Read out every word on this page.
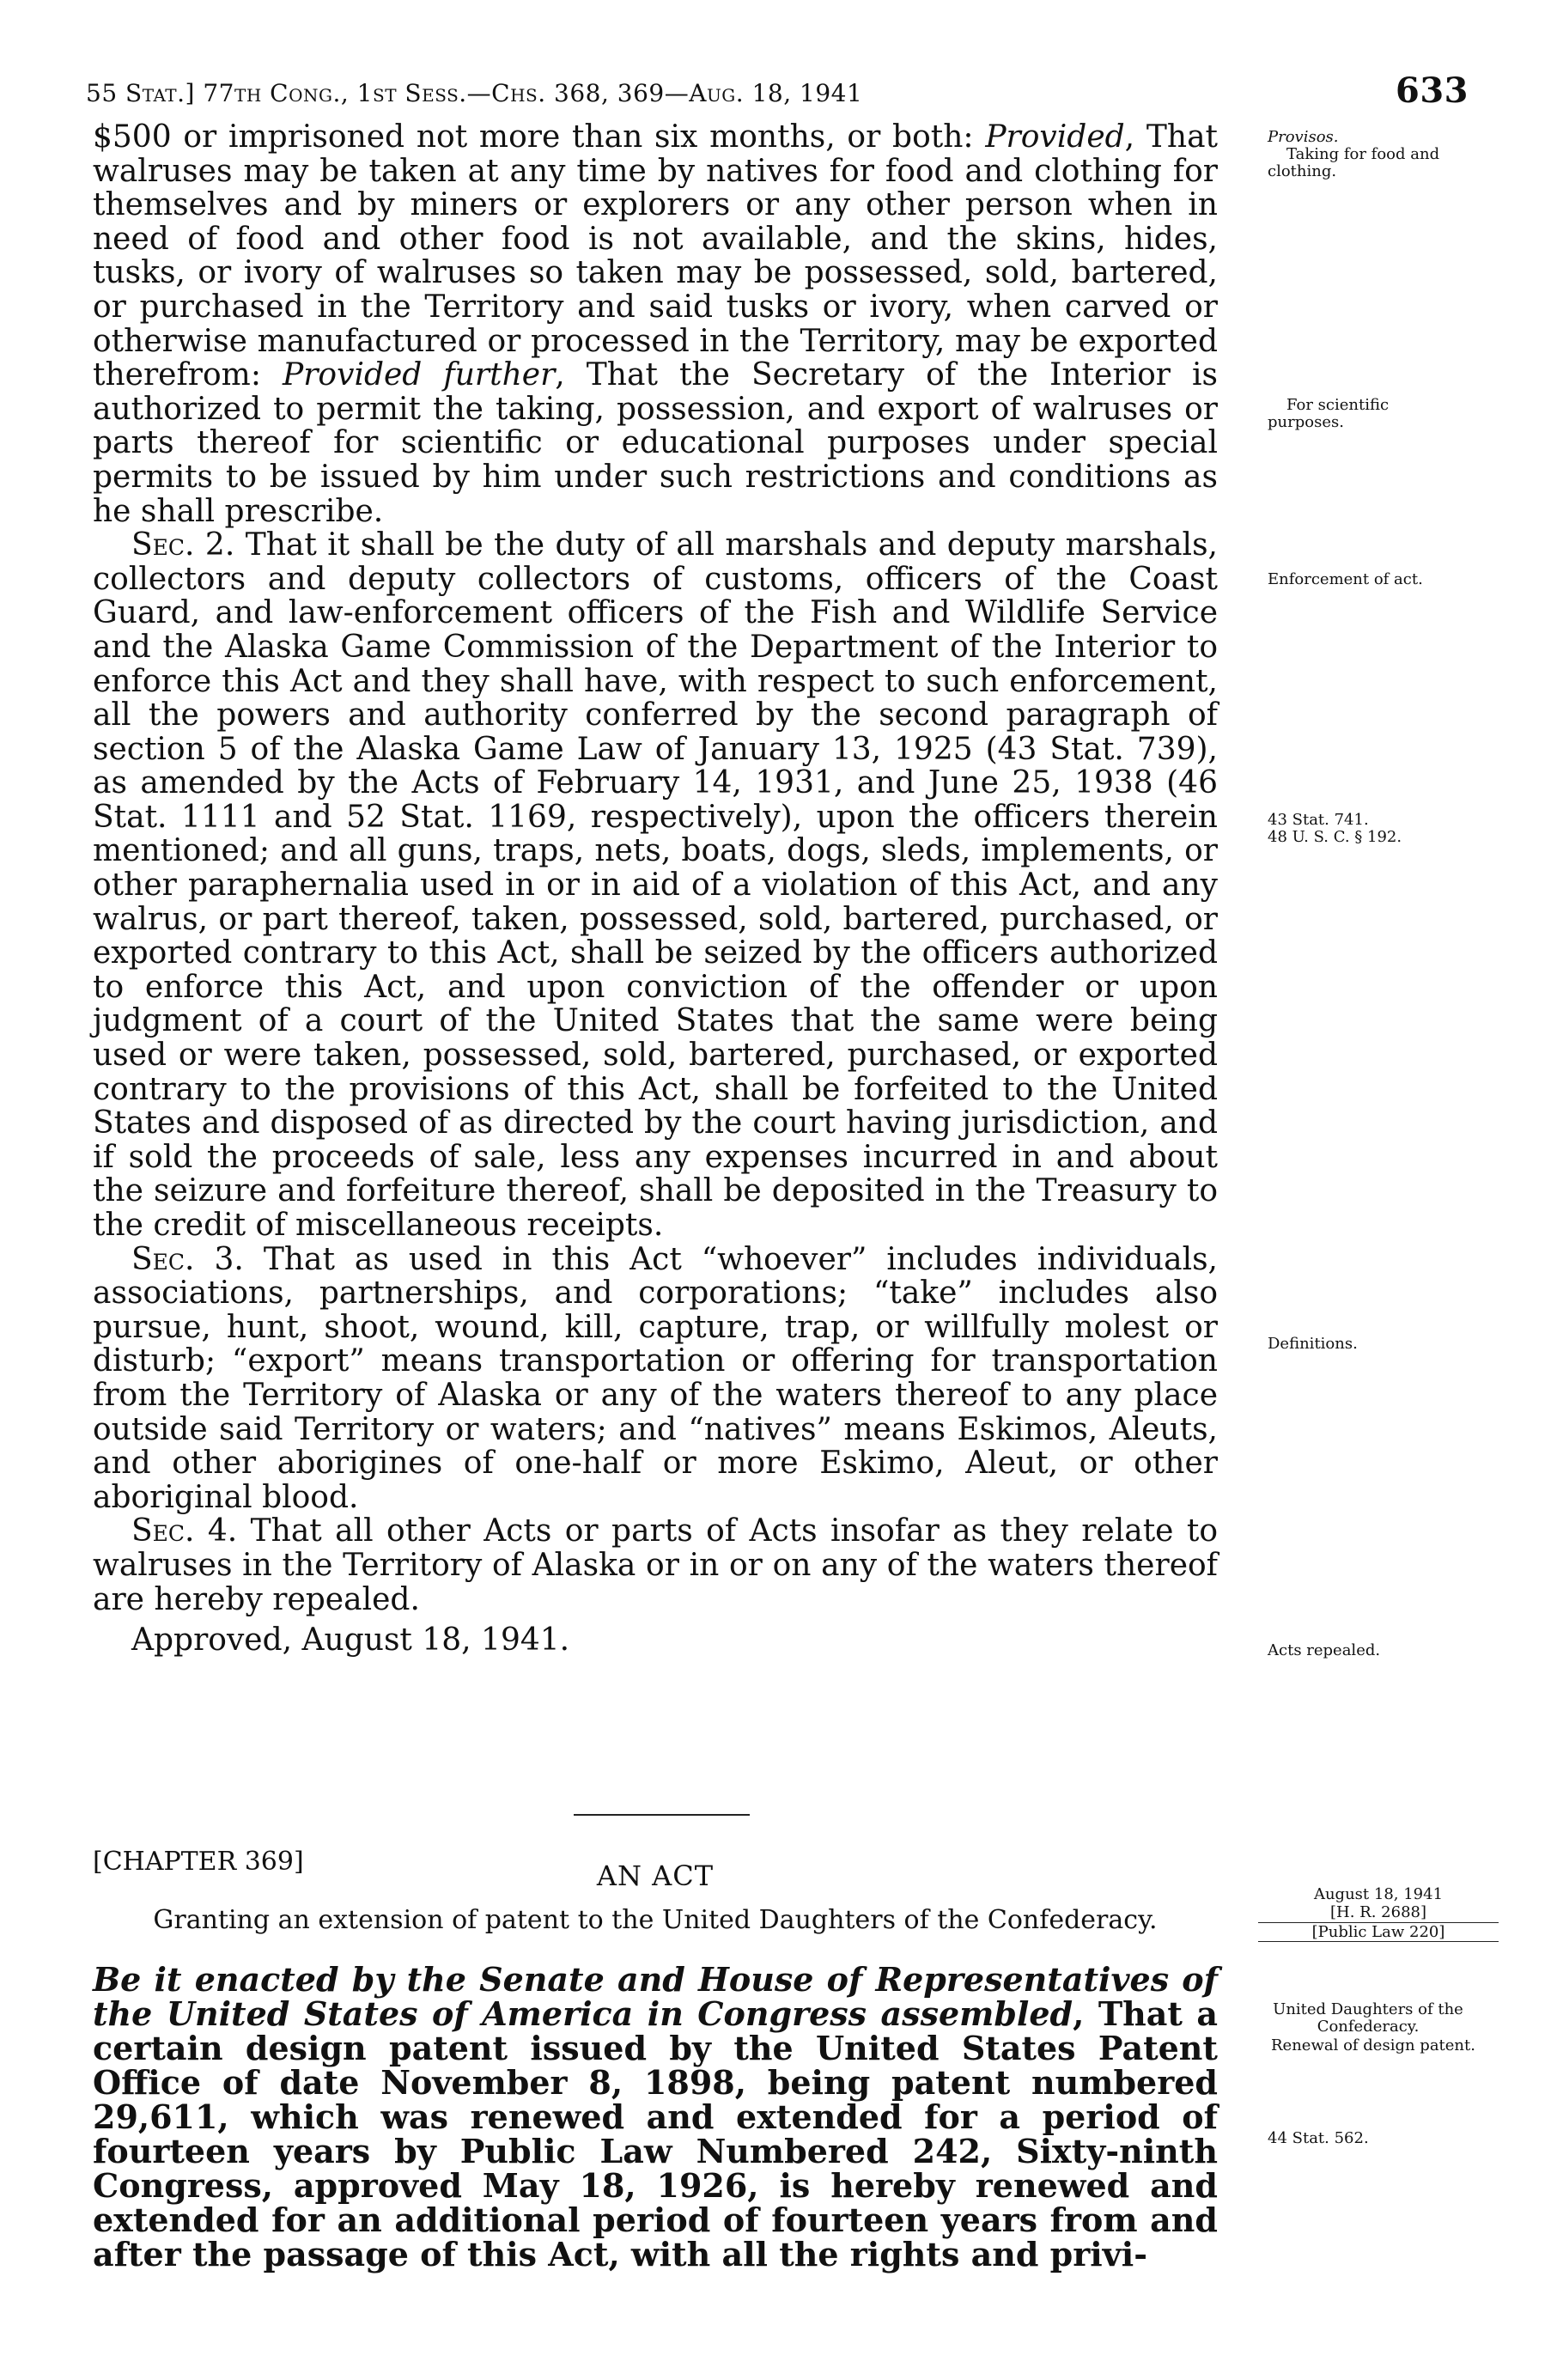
55 Stat.] 77th Cong., 1st Sess.—Chs. 368, 369—Aug. 18, 1941	633

$500 or imprisoned not more than six months, or both: Provided, That walruses may be taken at any time by natives for food and clothing for themselves and by miners or explorers or any other person when in need of food and other food is not available, and the skins, hides, tusks, or ivory of walruses so taken may be possessed, sold, bartered, or purchased in the Territory and said tusks or ivory, when carved or otherwise manufactured or processed in the Territory, may be exported therefrom: Provided further, That the Secretary of the Interior is authorized to permit the taking, possession, and export of walruses or parts thereof for scientific or educational purposes under special permits to be issued by him under such restrictions and conditions as he shall prescribe.

Sec. 2. That it shall be the duty of all marshals and deputy marshals, collectors and deputy collectors of customs, officers of the Coast Guard, and law-enforcement officers of the Fish and Wildlife Service and the Alaska Game Commission of the Department of the Interior to enforce this Act and they shall have, with respect to such enforcement, all the powers and authority conferred by the second paragraph of section 5 of the Alaska Game Law of January 13, 1925 (43 Stat. 739), as amended by the Acts of February 14, 1931, and June 25, 1938 (46 Stat. 1111 and 52 Stat. 1169, respectively), upon the officers therein mentioned; and all guns, traps, nets, boats, dogs, sleds, implements, or other paraphernalia used in or in aid of a violation of this Act, and any walrus, or part thereof, taken, possessed, sold, bartered, purchased, or exported contrary to this Act, shall be seized by the officers authorized to enforce this Act, and upon conviction of the offender or upon judgment of a court of the United States that the same were being used or were taken, possessed, sold, bartered, purchased, or exported contrary to the provisions of this Act, shall be forfeited to the United States and disposed of as directed by the court having jurisdiction, and if sold the proceeds of sale, less any expenses incurred in and about the seizure and forfeiture thereof, shall be deposited in the Treasury to the credit of miscellaneous receipts.

Sec. 3. That as used in this Act “whoever” includes individuals, associations, partnerships, and corporations; “take” includes also pursue, hunt, shoot, wound, kill, capture, trap, or willfully molest or disturb; “export” means transportation or offering for transportation from the Territory of Alaska or any of the waters thereof to any place outside said Territory or waters; and “natives” means Eskimos, Aleuts, and other aborigines of one-half or more Eskimo, Aleut, or other aboriginal blood.

Sec. 4. That all other Acts or parts of Acts insofar as they relate to walruses in the Territory of Alaska or in or on any of the waters thereof are hereby repealed.

Approved, August 18, 1941.

Provisos.
Taking for food and clothing.
For scientific purposes.
Enforcement of act.
43 Stat. 741.
48 U. S. C. § 192.
Definitions.
Acts repealed.
[CHAPTER 369]	AN ACT
Granting an extension of patent to the United Daughters of the Confederacy.
August 18, 1941
[H. R. 2688]
[Public Law 220]
United Daughters of the Confederacy.
Renewal of design patent.
44 Stat. 562.

Be it enacted by the Senate and House of Representatives of the United States of America in Congress assembled, That a certain design patent issued by the United States Patent Office of date November 8, 1898, being patent numbered 29,611, which was renewed and extended for a period of fourteen years by Public Law Numbered 242, Sixty-ninth Congress, approved May 18, 1926, is hereby renewed and extended for an additional period of fourteen years from and after the passage of this Act, with all the rights and privi-
